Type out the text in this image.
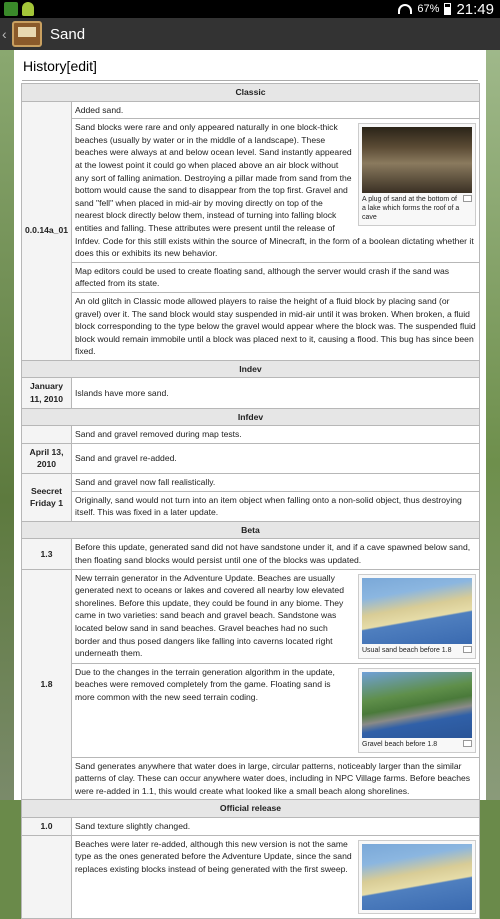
67% 21:49
‹	Sand
History[edit]
Classic	
0.0.14a_01	Added sand.

	A plug of sand at the bottom of a lake which forms the roof of a cave
Sand blocks were rare and only appeared naturally in one block-thick beaches (usually by water or in the middle of a landscape). These beaches were always at and below ocean level. Sand instantly appeared at the lowest point it could go when placed above an air block without any sort of falling animation. Destroying a pillar made from sand from the bottom would cause the sand to disappear from the top first. Gravel and sand "fell" when placed in mid-air by moving directly on top of the nearest block directly below them, instead of turning into falling block entities and falling. These attributes were present until the release of Infdev. Code for this still exists within the source of Minecraft, in the form of a boolean dictating whether it does this or exhibits its new behavior.
	Map editors could be used to create floating sand, although the server would crash if the sand was affected from its state.
	An old glitch in Classic mode allowed players to raise the height of a fluid block by placing sand (or gravel) over it. The sand block would stay suspended in mid-air until it was broken. When broken, a fluid block corresponding to the type below the gravel would appear where the block was. The suspended fluid block would remain immobile until a block was placed next to it, causing a flood. This bug has since been fixed.
Indev	
January 11, 2010	Islands have more sand.
Infdev	
	Sand and gravel removed during map tests.
April 13, 2010	Sand and gravel re-added.
Seecret Friday 1	Sand and gravel now fall realistically.
	Originally, sand would not turn into an item object when falling onto a non-solid object, thus destroying itself. This was fixed in a later update.
Beta	
1.3	Before this update, generated sand did not have sandstone under it, and if a cave spawned below sand, then floating sand blocks would persist until one of the blocks was updated.
1.8	Usual sand beach before 1.8
New terrain generator in the Adventure Update. Beaches are usually generated next to oceans or lakes and covered all nearby low elevated shorelines. Before this update, they could be found in any biome. They came in two varieties: sand beach and gravel beach. Sandstone was located below sand in sand beaches. Gravel beaches had no such border and thus posed dangers like falling into caverns located right underneath them.

	Gravel beach before 1.8
Due to the changes in the terrain generation algorithm in the update, beaches were removed completely from the game. Floating sand is more common with the new seed terrain coding.
	Sand generates anywhere that water does in large, circular patterns, noticeably larger than the similar patterns of clay. These can occur anywhere water does, including in NPC Village farms. Before beaches were re-added in 1.1, this would create what looked like a small beach along shorelines.
Official release	
1.0	Sand texture slightly changed.

Beaches were later re-added, although this new version is not the same type as the ones generated before the Adventure Update, since the sand replaces existing blocks instead of being generated with the first sweep.
